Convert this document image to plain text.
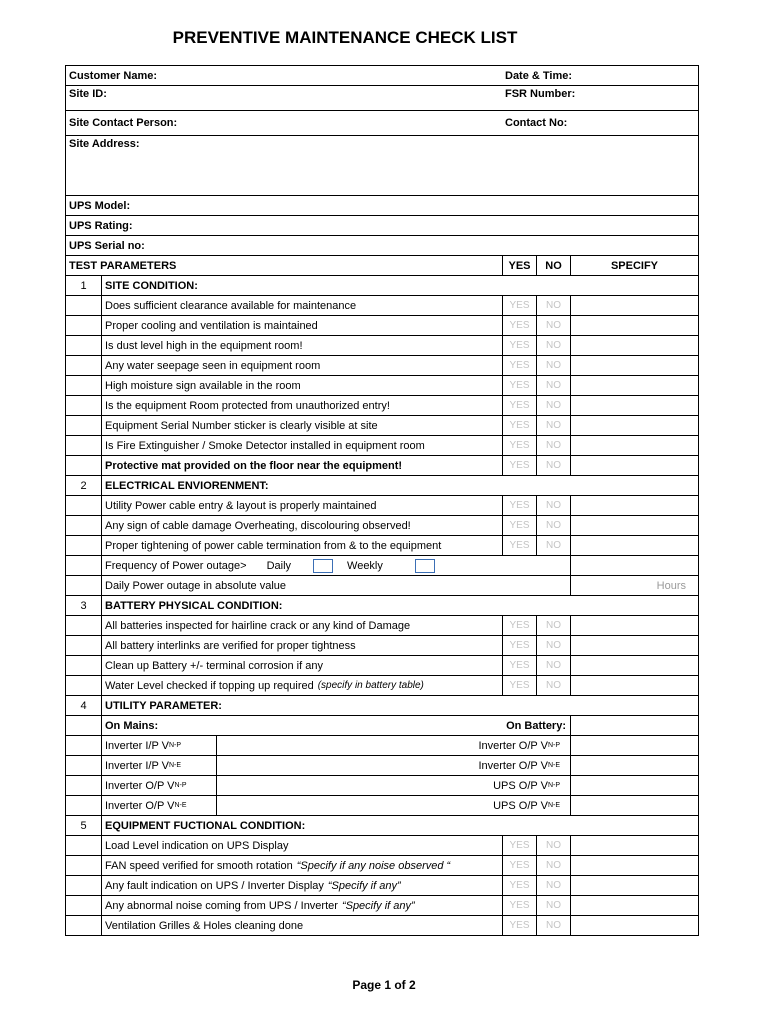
PREVENTIVE MAINTENANCE CHECK LIST
Customer Name:	Date & Time:
Site ID:	FSR Number:
Site Contact Person:	Contact No:
Site Address:
UPS Model:
UPS Rating:
UPS Serial no:
TEST PARAMETERS	YES	NO	SPECIFY
1	SITE CONDITION:
Does sufficient clearance available for maintenance	YES	NO
Proper cooling and ventilation is maintained	YES	NO
Is dust level high in the equipment room!	YES	NO
Any water seepage seen in equipment room	YES	NO
High moisture sign available in the room	YES	NO
Is the equipment Room protected from unauthorized entry!	YES	NO
Equipment Serial Number sticker is clearly visible at site	YES	NO
Is Fire Extinguisher / Smoke Detector installed in equipment room	YES	NO
Protective mat provided on the floor near the equipment!	YES	NO
2	ELECTRICAL ENVIORENMENT:
Utility Power cable entry & layout is properly maintained	YES	NO
Any sign of cable damage Overheating, discolouring observed!	YES	NO
Proper tightening of power cable termination from & to the equipment	YES	NO
Frequency of Power outage> Daily	Weekly
Daily Power outage in absolute value	Hours
3	BATTERY PHYSICAL CONDITION:
All batteries inspected for hairline crack or any kind of Damage	YES	NO
All battery interlinks are verified for proper tightness	YES	NO
Clean up Battery +/- terminal corrosion if any	YES	NO
Water Level checked if topping up required (specify in battery table)	YES	NO
4	UTILITY PARAMETER:
On Mains:	On Battery:
Inverter I/P V N-P	Inverter O/P V N-P
Inverter I/P V N-E	Inverter O/P V N-E
Inverter O/P V N-P	UPS O/P V N-P
Inverter O/P V N-E	UPS O/P V N-E
5	EQUIPMENT FUCTIONAL CONDITION:
Load Level indication on UPS Display	YES	NO
FAN speed verified for smooth rotation “Specify if any noise observed “	YES	NO
Any fault indication on UPS / Inverter Display “Specify if any”	YES	NO
Any abnormal noise coming from UPS / Inverter “Specify if any”	YES	NO
Ventilation Grilles & Holes cleaning done	YES	NO
Page 1 of 2
